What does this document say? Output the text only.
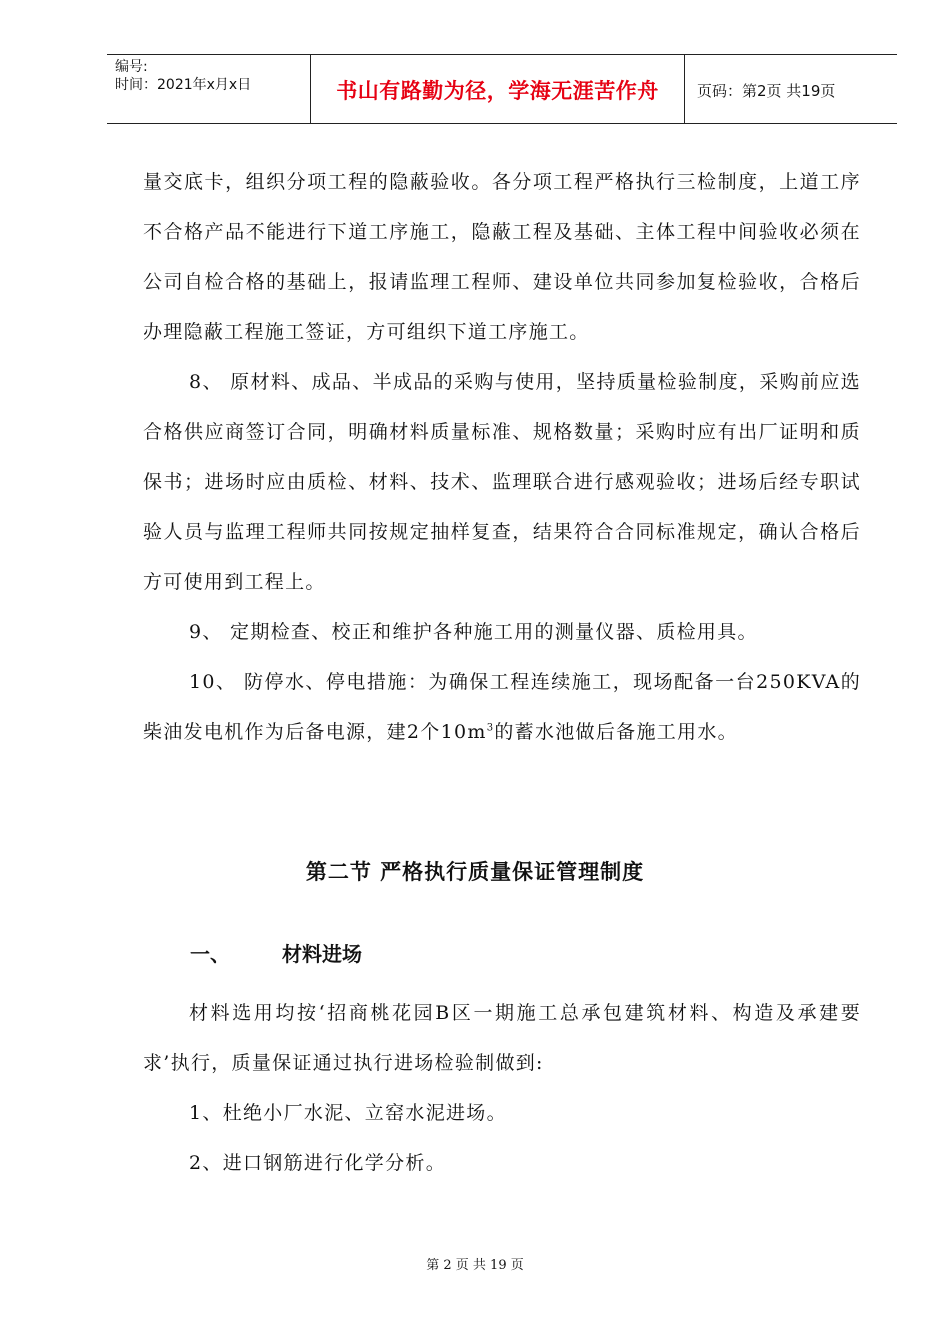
编号:
时间：2021年x月x日	书山有路勤为径，学海无涯苦作舟	页码：第2页 共19页

量交底卡，组织分项工程的隐蔽验收。各分项工程严格执行三检制度，上道工序不合格产品不能进行下道工序施工，隐蔽工程及基础、主体工程中间验收必须在公司自检合格的基础上，报请监理工程师、建设单位共同参加复检验收，合格后办理隐蔽工程施工签证，方可组织下道工序施工。

8、 原材料、成品、半成品的采购与使用，坚持质量检验制度，采购前应选合格供应商签订合同，明确材料质量标准、规格数量；采购时应有出厂证明和质保书；进场时应由质检、材料、技术、监理联合进行感观验收；进场后经专职试验人员与监理工程师共同按规定抽样复查，结果符合合同标准规定，确认合格后方可使用到工程上。

9、 定期检查、校正和维护各种施工用的测量仪器、质检用具。

10、 防停水、停电措施：为确保工程连续施工，现场配备一台250KVA的柴油发电机作为后备电源，建2个$10m^3$的蓄水池做后备施工用水。

第二节 严格执行质量保证管理制度
一、	材料进场

材料选用均按‘招商桃花园B区一期施工总承包建筑材料、构造及承建要求’执行，质量保证通过执行进场检验制做到:

1、杜绝小厂水泥、立窑水泥进场。

2、进口钢筋进行化学分析。

第 2 页 共 19 页
